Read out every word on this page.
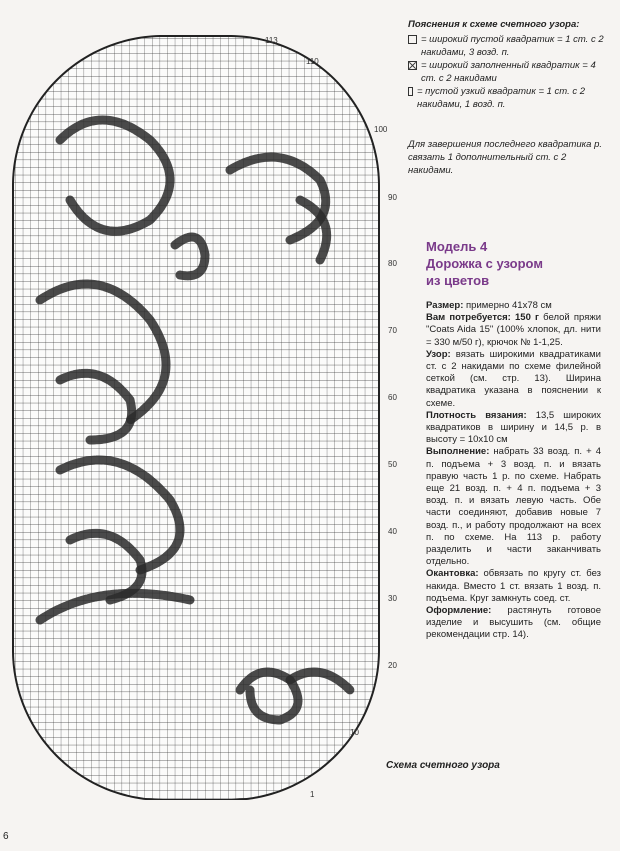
113
110
100
90
80
70
60
50
40
30
20
10
1
Пояснения к схеме счетного узора:
= широкий пустой квадратик = 1 ст. с 2 накидами, 3 возд. п.
= широкий заполненный квадратик = 4 ст. с 2 накидами
= пустой узкий квадратик = 1 ст. с 2 накидами, 1 возд. п.
Для завершения последнего квадратика р. связать 1 дополнительный ст. с 2 накидами.
Модель 4
Дорожка с узором
из цветов

Размер: примерно 41х78 см

Вам потребуется: 150 г белой пряжи "Coats Aida 15" (100% хлопок, дл. нити = 330 м/50 г), крючок № 1-1,25.

Узор: вязать широкими квадратиками ст. с 2 накидами по схеме филейной сеткой (см. стр. 13). Ширина квадратика указана в пояснении к схеме.

Плотность вязания: 13,5 широких квадратиков в ширину и 14,5 р. в высоту = 10х10 см

Выполнение: набрать 33 возд. п. + 4 п. подъема + 3 возд. п. и вязать правую часть 1 р. по схеме. Набрать еще 21 возд. п. + 4 п. подъема + 3 возд. п. и вязать левую часть. Обе части соединяют, добавив новые 7 возд. п., и работу продолжают на всех п. по схеме. На 113 р. работу разделить и части заканчивать отдельно.

Окантовка: обвязать по кругу ст. без накида. Вместо 1 ст. вязать 1 возд. п. подъема. Круг замкнуть соед. ст.

Оформление: растянуть готовое изделие и высушить (см. общие рекомендации стр. 14).

Схема счетного узора
6
